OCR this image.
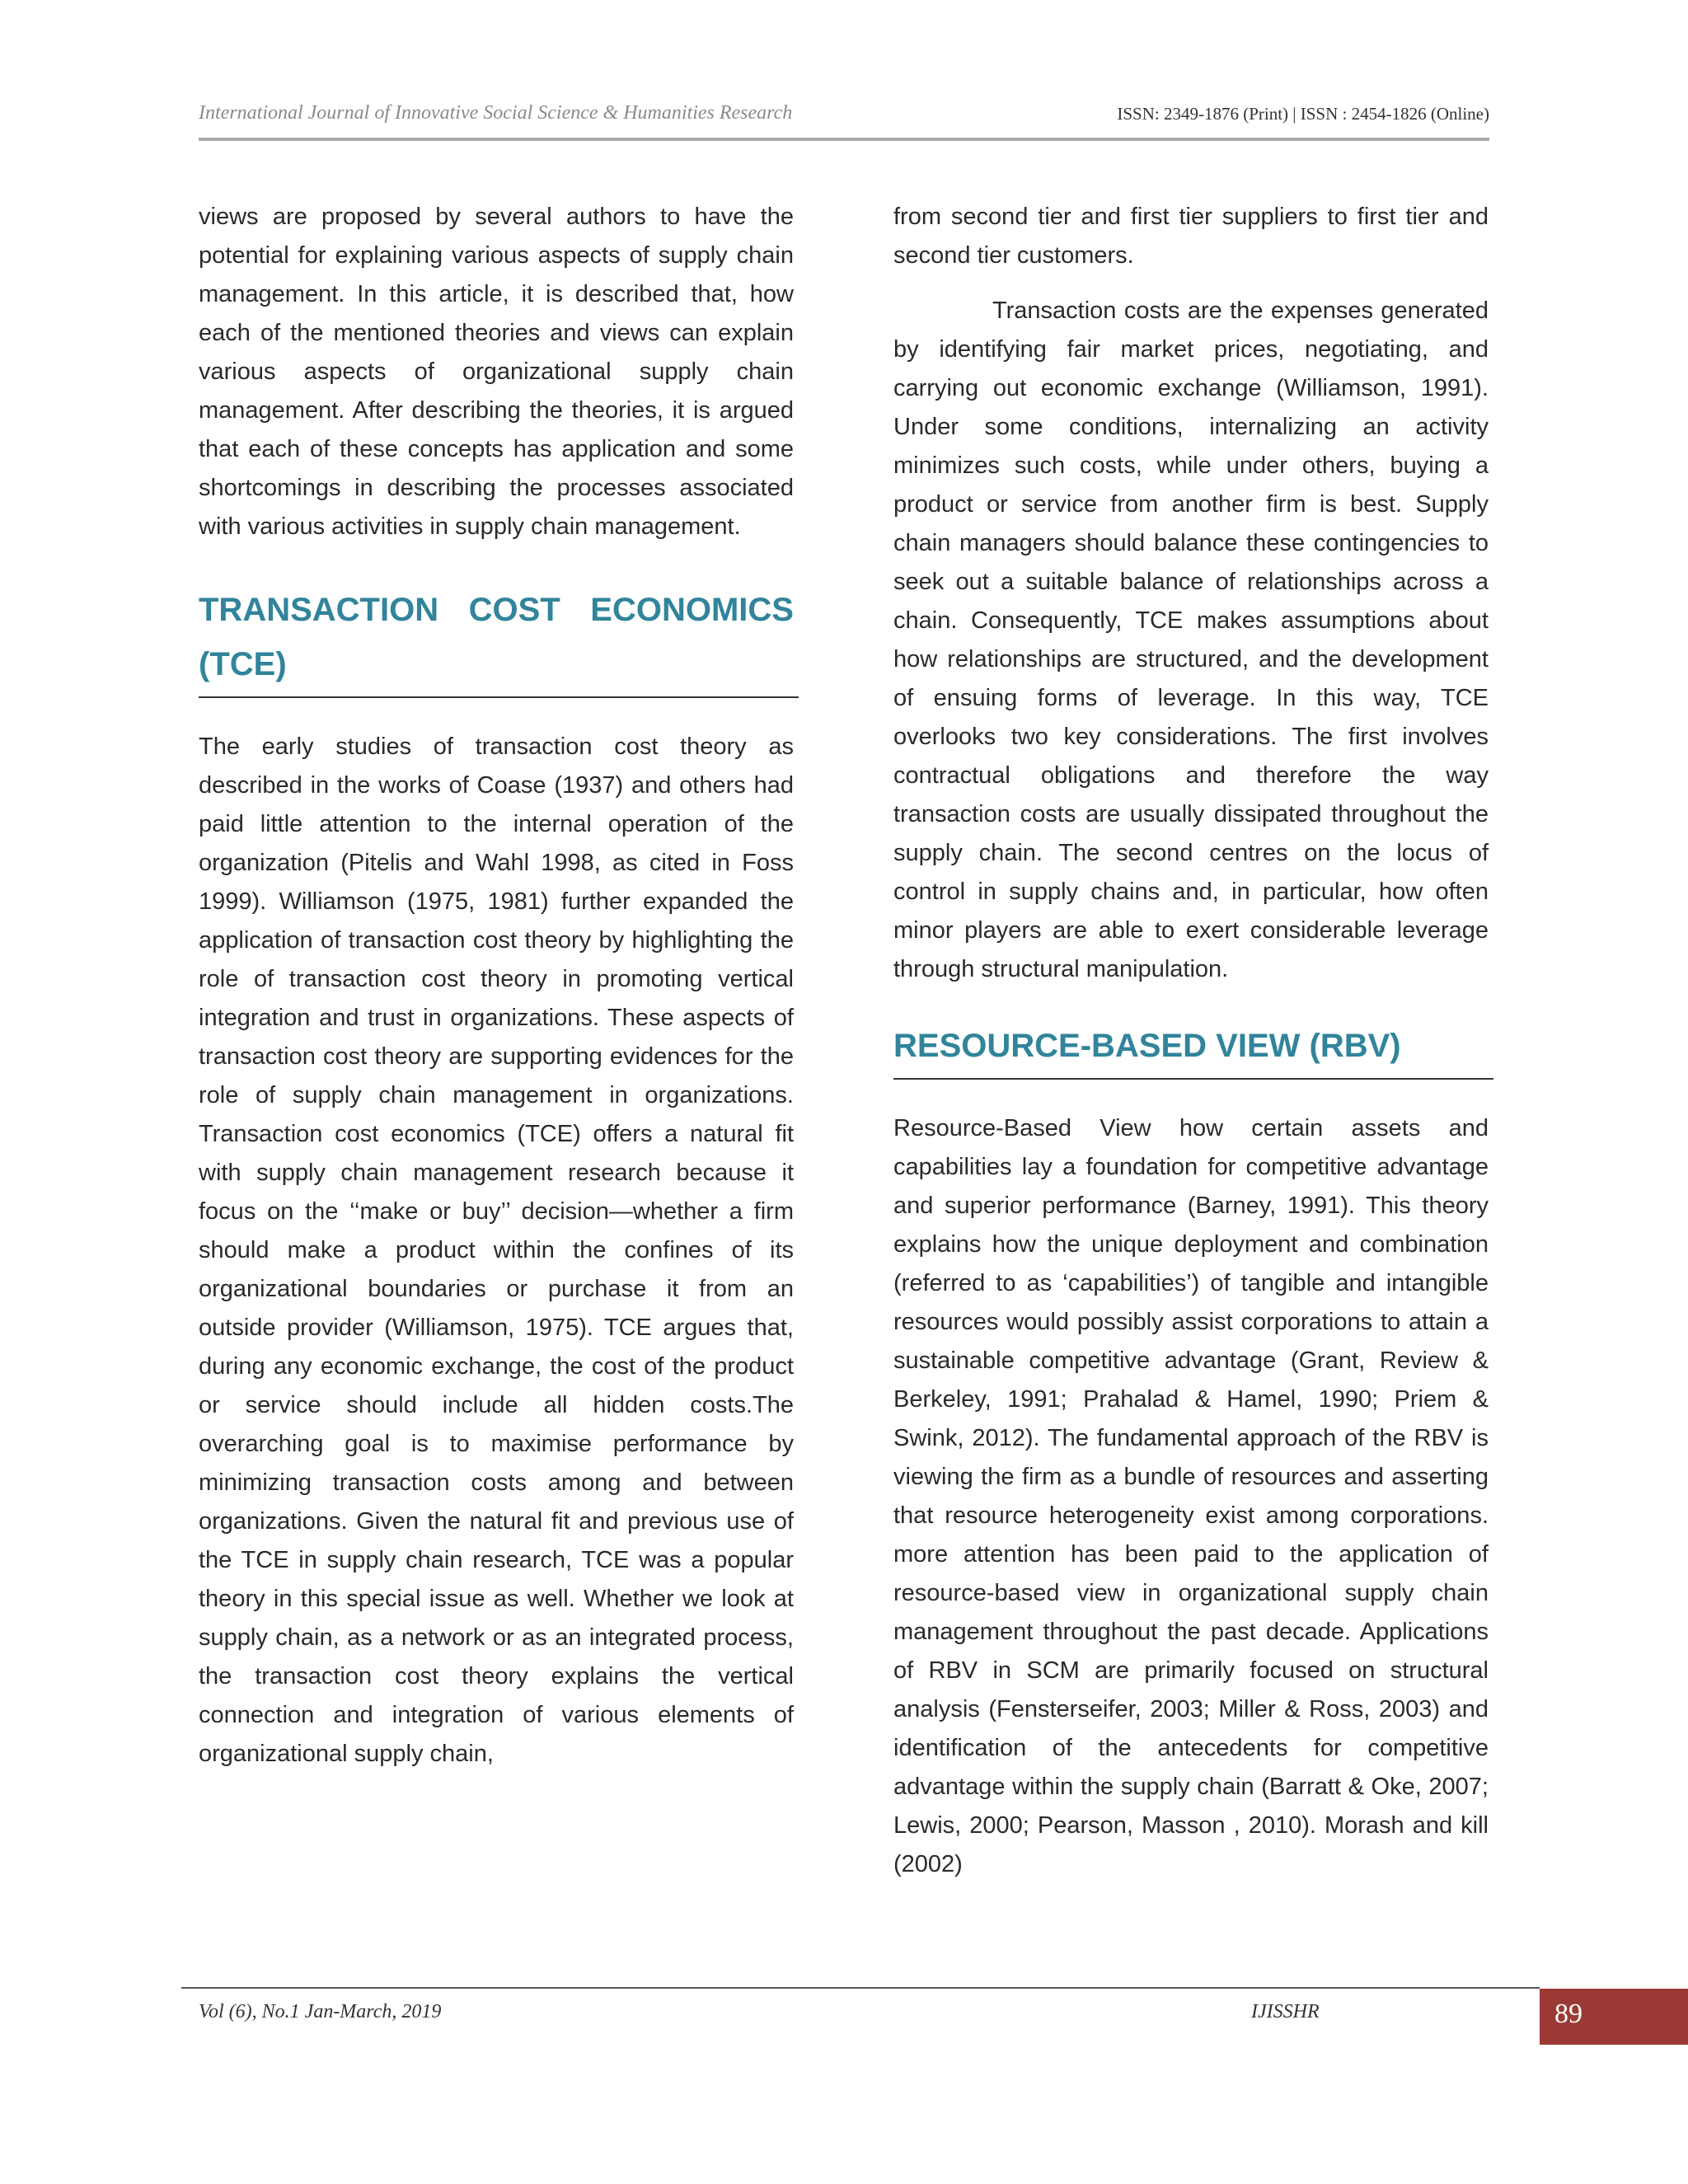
International Journal of Innovative Social Science & Humanities Research	ISSN: 2349-1876 (Print) | ISSN : 2454-1826 (Online)

views are proposed by several authors to have the potential for explaining various aspects of supply chain management. In this article, it is described that, how each of the mentioned theories and views can explain various aspects of organizational supply chain management. After describing the theories, it is argued that each of these concepts has application and some shortcomings in describing the processes associated with various activities in supply chain management.

TRANSACTION COST ECONOMICS (TCE)

The early studies of transaction cost theory as described in the works of Coase (1937) and others had paid little attention to the internal operation of the organization (Pitelis and Wahl 1998, as cited in Foss 1999). Williamson (1975, 1981) further expanded the application of transaction cost theory by highlighting the role of transaction cost theory in promoting vertical integration and trust in organizations. These aspects of transaction cost theory are supporting evidences for the role of supply chain management in organizations. Transaction cost economics (TCE) offers a natural fit with supply chain management research because it focus on the ‘‘make or buy’’ decision—whether a firm should make a product within the confines of its organizational boundaries or purchase it from an outside provider (Williamson, 1975). TCE argues that, during any economic exchange, the cost of the product or service should include all hidden costs.The overarching goal is to maximise performance by minimizing transaction costs among and between organizations. Given the natural fit and previous use of the TCE in supply chain research, TCE was a popular theory in this special issue as well. Whether we look at supply chain, as a network or as an integrated process, the transaction cost theory explains the vertical connection and integration of various elements of organizational supply chain,

from second tier and first tier suppliers to first tier and second tier customers.

Transaction costs are the expenses generated by identifying fair market prices, negotiating, and carrying out economic exchange (Williamson, 1991). Under some conditions, internalizing an activity minimizes such costs, while under others, buying a product or service from another firm is best. Supply chain managers should balance these contingencies to seek out a suitable balance of relationships across a chain. Consequently, TCE makes assumptions about how relationships are structured, and the development of ensuing forms of leverage. In this way, TCE overlooks two key considerations. The first involves contractual obligations and therefore the way transaction costs are usually dissipated throughout the supply chain. The second centres on the locus of control in supply chains and, in particular, how often minor players are able to exert considerable leverage through structural manipulation.

RESOURCE-BASED VIEW (RBV)

Resource-Based View how certain assets and capabilities lay a foundation for competitive advantage and superior performance (Barney, 1991). This theory explains how the unique deployment and combination (referred to as ‘capabilities’) of tangible and intangible resources would possibly assist corporations to attain a sustainable competitive advantage (Grant, Review & Berkeley, 1991; Prahalad & Hamel, 1990; Priem & Swink, 2012). The fundamental approach of the RBV is viewing the firm as a bundle of resources and asserting that resource heterogeneity exist among corporations. more attention has been paid to the application of resource-based view in organizational supply chain management throughout the past decade. Applications of RBV in SCM are primarily focused on structural analysis (Fensterseifer, 2003; Miller & Ross, 2003) and identification of the antecedents for competitive advantage within the supply chain (Barratt & Oke, 2007; Lewis, 2000; Pearson, Masson , 2010). Morash and kill (2002)

Vol (6), No.1 Jan-March, 2019	IJISSHR	89
